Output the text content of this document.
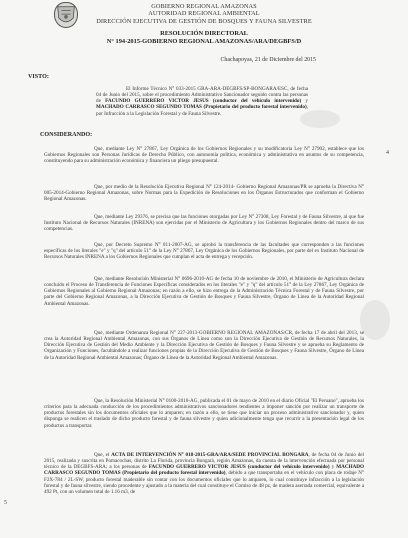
GOBIERNO REGIONAL AMAZONAS
AUTORIDAD REGIONAL AMBIENTAL
DIRECCIÓN EJECUTIVA DE GESTIÓN DE BOSQUES Y FAUNA SILVESTRE
RESOLUCIÓN DIRECTORAL
N° 194-2015-GOBIERNO REGIONAL AMAZONAS/ARA/DEGBFS/D
Chachapoyas, 21 de Diciembre del 2015
VISTO:
El Informe Técnico N° 033-2015 GRA-ARA-DEGBFS/SP-BONGARA/ESC, de fecha 04 de Junio del 2015, sobre el procedimiento Administrativo Sancionador seguido contra las personas de FACUNDO GUERRERO VICTOR JESUS (conductor del vehículo intervenido) y MACHADO CARRASCO SEGUNDO TOMAS (Propietario del producto forestal intervenido), por Infracción a la Legislación Forestal y de Fauna Silvestre.
CONSIDERANDO:
Que, mediante Ley N° 27867, Ley Orgánica de los Gobiernos Regionales y su modificatoria Ley N° 27902, establece que los Gobiernos Regionales son Personas Jurídicas de Derecho Público, con autonomía política, económica y administrativa en asuntos de su competencia, constituyendo para su administración económica y financiera un pliego presupuestal.
Que, por medio de la Resolución Ejecutiva Regional N° 124-2014- Gobierno Regional Amazonas/PR se aprueba la Directiva N° 005-2014-Gobierno Regional Amazonas, sobre Normas para la Expedición de Resoluciones en los Órganos Estructurados que conforman el Gobierno Regional Amazonas.
Que, mediante Ley 29376, se precisa que las funciones otorgadas por Ley N° 27308, Ley Forestal y de Fauna Silvestre, al que fue Instituto Nacional de Recursos Naturales (INRENA) son ejercidas por el Ministerio de Agricultura y los Gobiernos Regionales dentro del marco de sus competencias.
Que, por Decreto Supremo N° 011-2007-AG, se aprobó la transferencia de las facultades que corresponden a las funciones específicas de los literales "e" y "q" del artículo 51° de la Ley N° 27867, Ley Orgánica de los Gobiernos Regionales, por parte del ex Instituto Nacional de Recursos Naturales INRENA a los Gobiernos Regionales que cumplan el acta de entrega y recepción.
Que, mediante Resolución Ministerial N° 0696-2010-AG de fecha 10 de noviembre de 2010, el Ministerio de Agricultura declara concluido el Proceso de Transferencia de Funciones Específicas considerados en los literales "e" y "q" del artículo 51° de la Ley 27867, Ley Orgánica de Gobiernos Regionales al Gobierno Regional Amazonas; en razón a ello, se hizo entrega de la Administración Técnica Forestal y de Fauna Silvestre, por parte del Gobierno Regional Amazonas, a la Dirección Ejecutiva de Gestión de Bosques y Fauna Silvestre, Órgano de Línea de la Autoridad Regional Ambiental Amazonas.
Que, mediante Ordenanza Regional N° 227-2013-GOBIERNO REGIONAL AMAZONAS/CR, de fecha 17 de abril del 2013, se crea la Autoridad Regional Ambiental Amazonas, con sus Órganos de Línea como son la Dirección Ejecutiva de Gestión de Recursos Naturales, la Dirección Ejecutiva de Gestión del Medio Ambiente y la Dirección Ejecutiva de Gestión de Bosques y Fauna Silvestre y se aprueba su Reglamento de Organización y Funciones, facultándole a realizar funciones propias de la Dirección Ejecutiva de Gestión de Bosques y Fauna Silvestre, Órgano de Línea de la Autoridad Regional Ambiental Amazonas; Órgano de Línea de la Autoridad Regional Ambiental Amazonas.
Que, la Resolución Ministerial N° 0100-2010-AG, publicada el 01 de mayo de 2010 en el diario Oficial "El Peruano", aprueba los criterios para la adecuada conducción de los procedimientos administrativos sancionadores tendientes a imponer sanción por realizar un transporte de productos forestales sin los documentos oficiales que lo amparen; en razón a ello, se tiene que iniciar un proceso administrativo sancionador y, quien disponga se realicen el traslado de dicho producto forestal y de fauna silvestre y quien adicionalmente tenga que recurrir a la presentación legal de los productos a transportar.
Que, el ACTA DE INTERVENCIÓN N° 018-2015-GRA/ARA/SEDE PROVINCIAL BONGARA, de fecha 04 de Junio del 2015, realizada y suscrita en Pomacochas, distrito La Florida, provincia Bongará, región Amazonas, da cuenta de la intervención efectuada por personal técnico de la DEGBFS-ARA; a los personas de FACUNDO GUERRERO VICTOR JESUS (conductor del vehículo intervenido) y MACHADO CARRASCO SEGUNDO TOMAS (Propietario del producto forestal intervenido), debido a que transportaba en el vehículo con placa de rodaje N° F2X-784 / 2L-SW, producto forestal maderable sin contar con los documentos oficiales que lo amparen, lo cual constituye infracción a la legislación forestal y de fauna silvestre, siendo procedente y ajustado a la materia del cual constituye el Comiso de 48 pz, de madera aserrada comercial, equivalente a 492 Pt, con un volumen total de 1.16 m3, de
4
5
